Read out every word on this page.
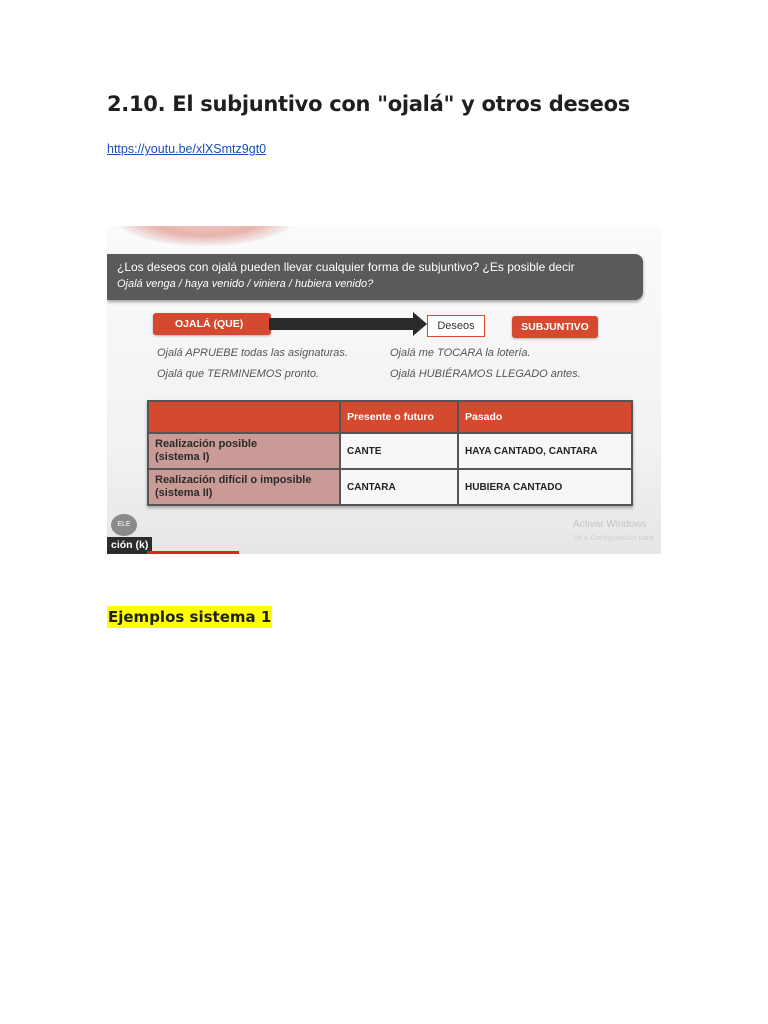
2.10. El subjuntivo con "ojalá" y otros deseos
https://youtu.be/xlXSmtz9gt0
¿Los deseos con ojalá pueden llevar cualquier forma de subjuntivo? ¿Es posible decir
Ojalá venga / haya venido / viniera / hubiera venido?
OJALÁ (QUE)	Deseos	SUBJUNTIVO
Ojalá APRUEBE todas las asignaturas.
Ojalá que TERMINEMOS pronto.
Ojalá me TOCARA la lotería.
Ojalá HUBIÉRAMOS LLEGADO antes.
	Presente o futuro	Pasado
Realización posible
(sistema I)	CANTE	HAYA CANTADO, CANTARA
Realización difícil o imposible
(sistema II)	CANTARA	HUBIERA CANTADO
Activar Windows
Ve a Configuración para
ELE
ción (k)
Ejemplos sistema 1
